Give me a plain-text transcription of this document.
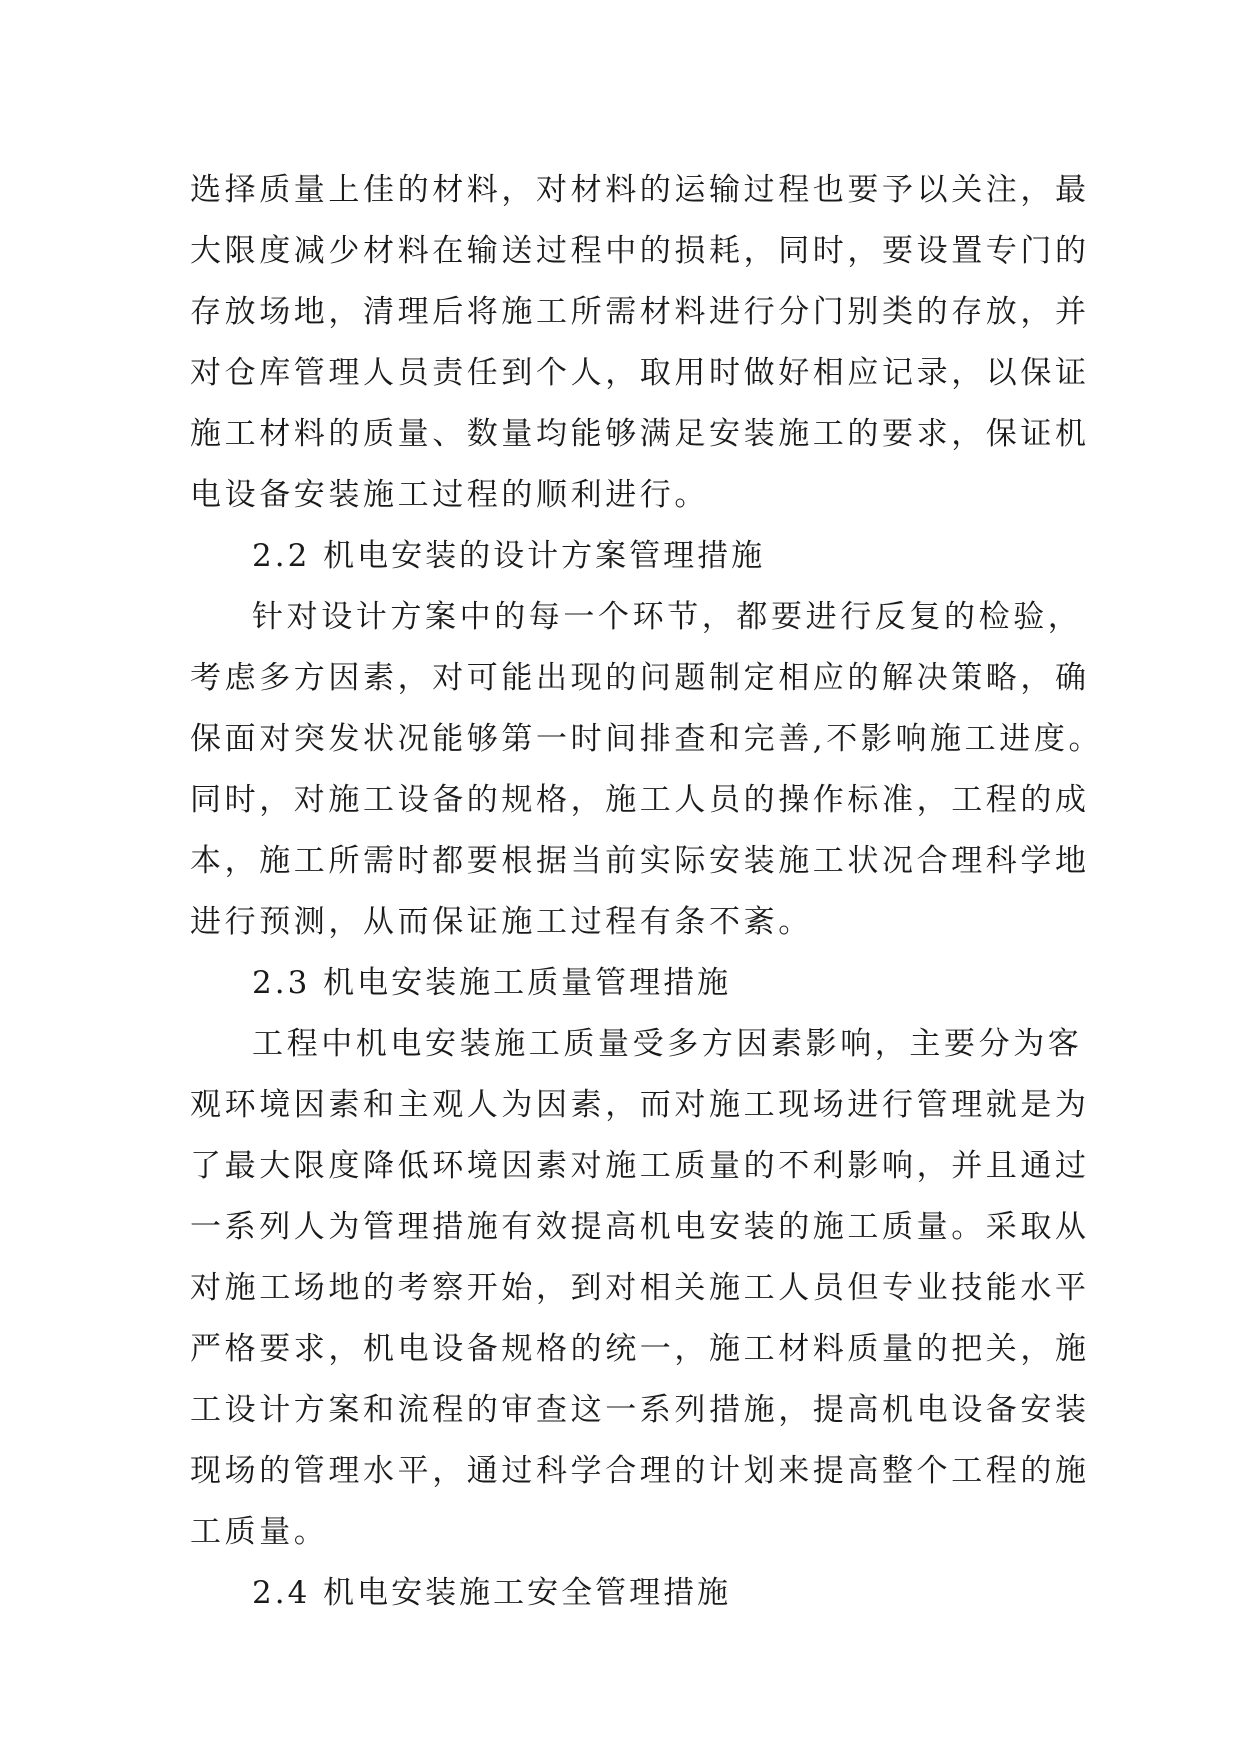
选择质量上佳的材料，对材料的运输过程也要予以关注，最
大限度减少材料在输送过程中的损耗，同时，要设置专门的
存放场地，清理后将施工所需材料进行分门别类的存放，并
对仓库管理人员责任到个人，取用时做好相应记录，以保证
施工材料的质量、数量均能够满足安装施工的要求，保证机
电设备安装施工过程的顺利进行。
2.2 机电安装的设计方案管理措施
针对设计方案中的每一个环节，都要进行反复的检验，
考虑多方因素，对可能出现的问题制定相应的解决策略，确
保面对突发状况能够第一时间排查和完善,不影响施工进度。
同时，对施工设备的规格，施工人员的操作标准，工程的成
本，施工所需时都要根据当前实际安装施工状况合理科学地
进行预测，从而保证施工过程有条不紊。
2.3 机电安装施工质量管理措施
工程中机电安装施工质量受多方因素影响，主要分为客
观环境因素和主观人为因素，而对施工现场进行管理就是为
了最大限度降低环境因素对施工质量的不利影响，并且通过
一系列人为管理措施有效提高机电安装的施工质量。采取从
对施工场地的考察开始，到对相关施工人员但专业技能水平
严格要求，机电设备规格的统一，施工材料质量的把关，施
工设计方案和流程的审查这一系列措施，提高机电设备安装
现场的管理水平，通过科学合理的计划来提高整个工程的施
工质量。
2.4 机电安装施工安全管理措施
